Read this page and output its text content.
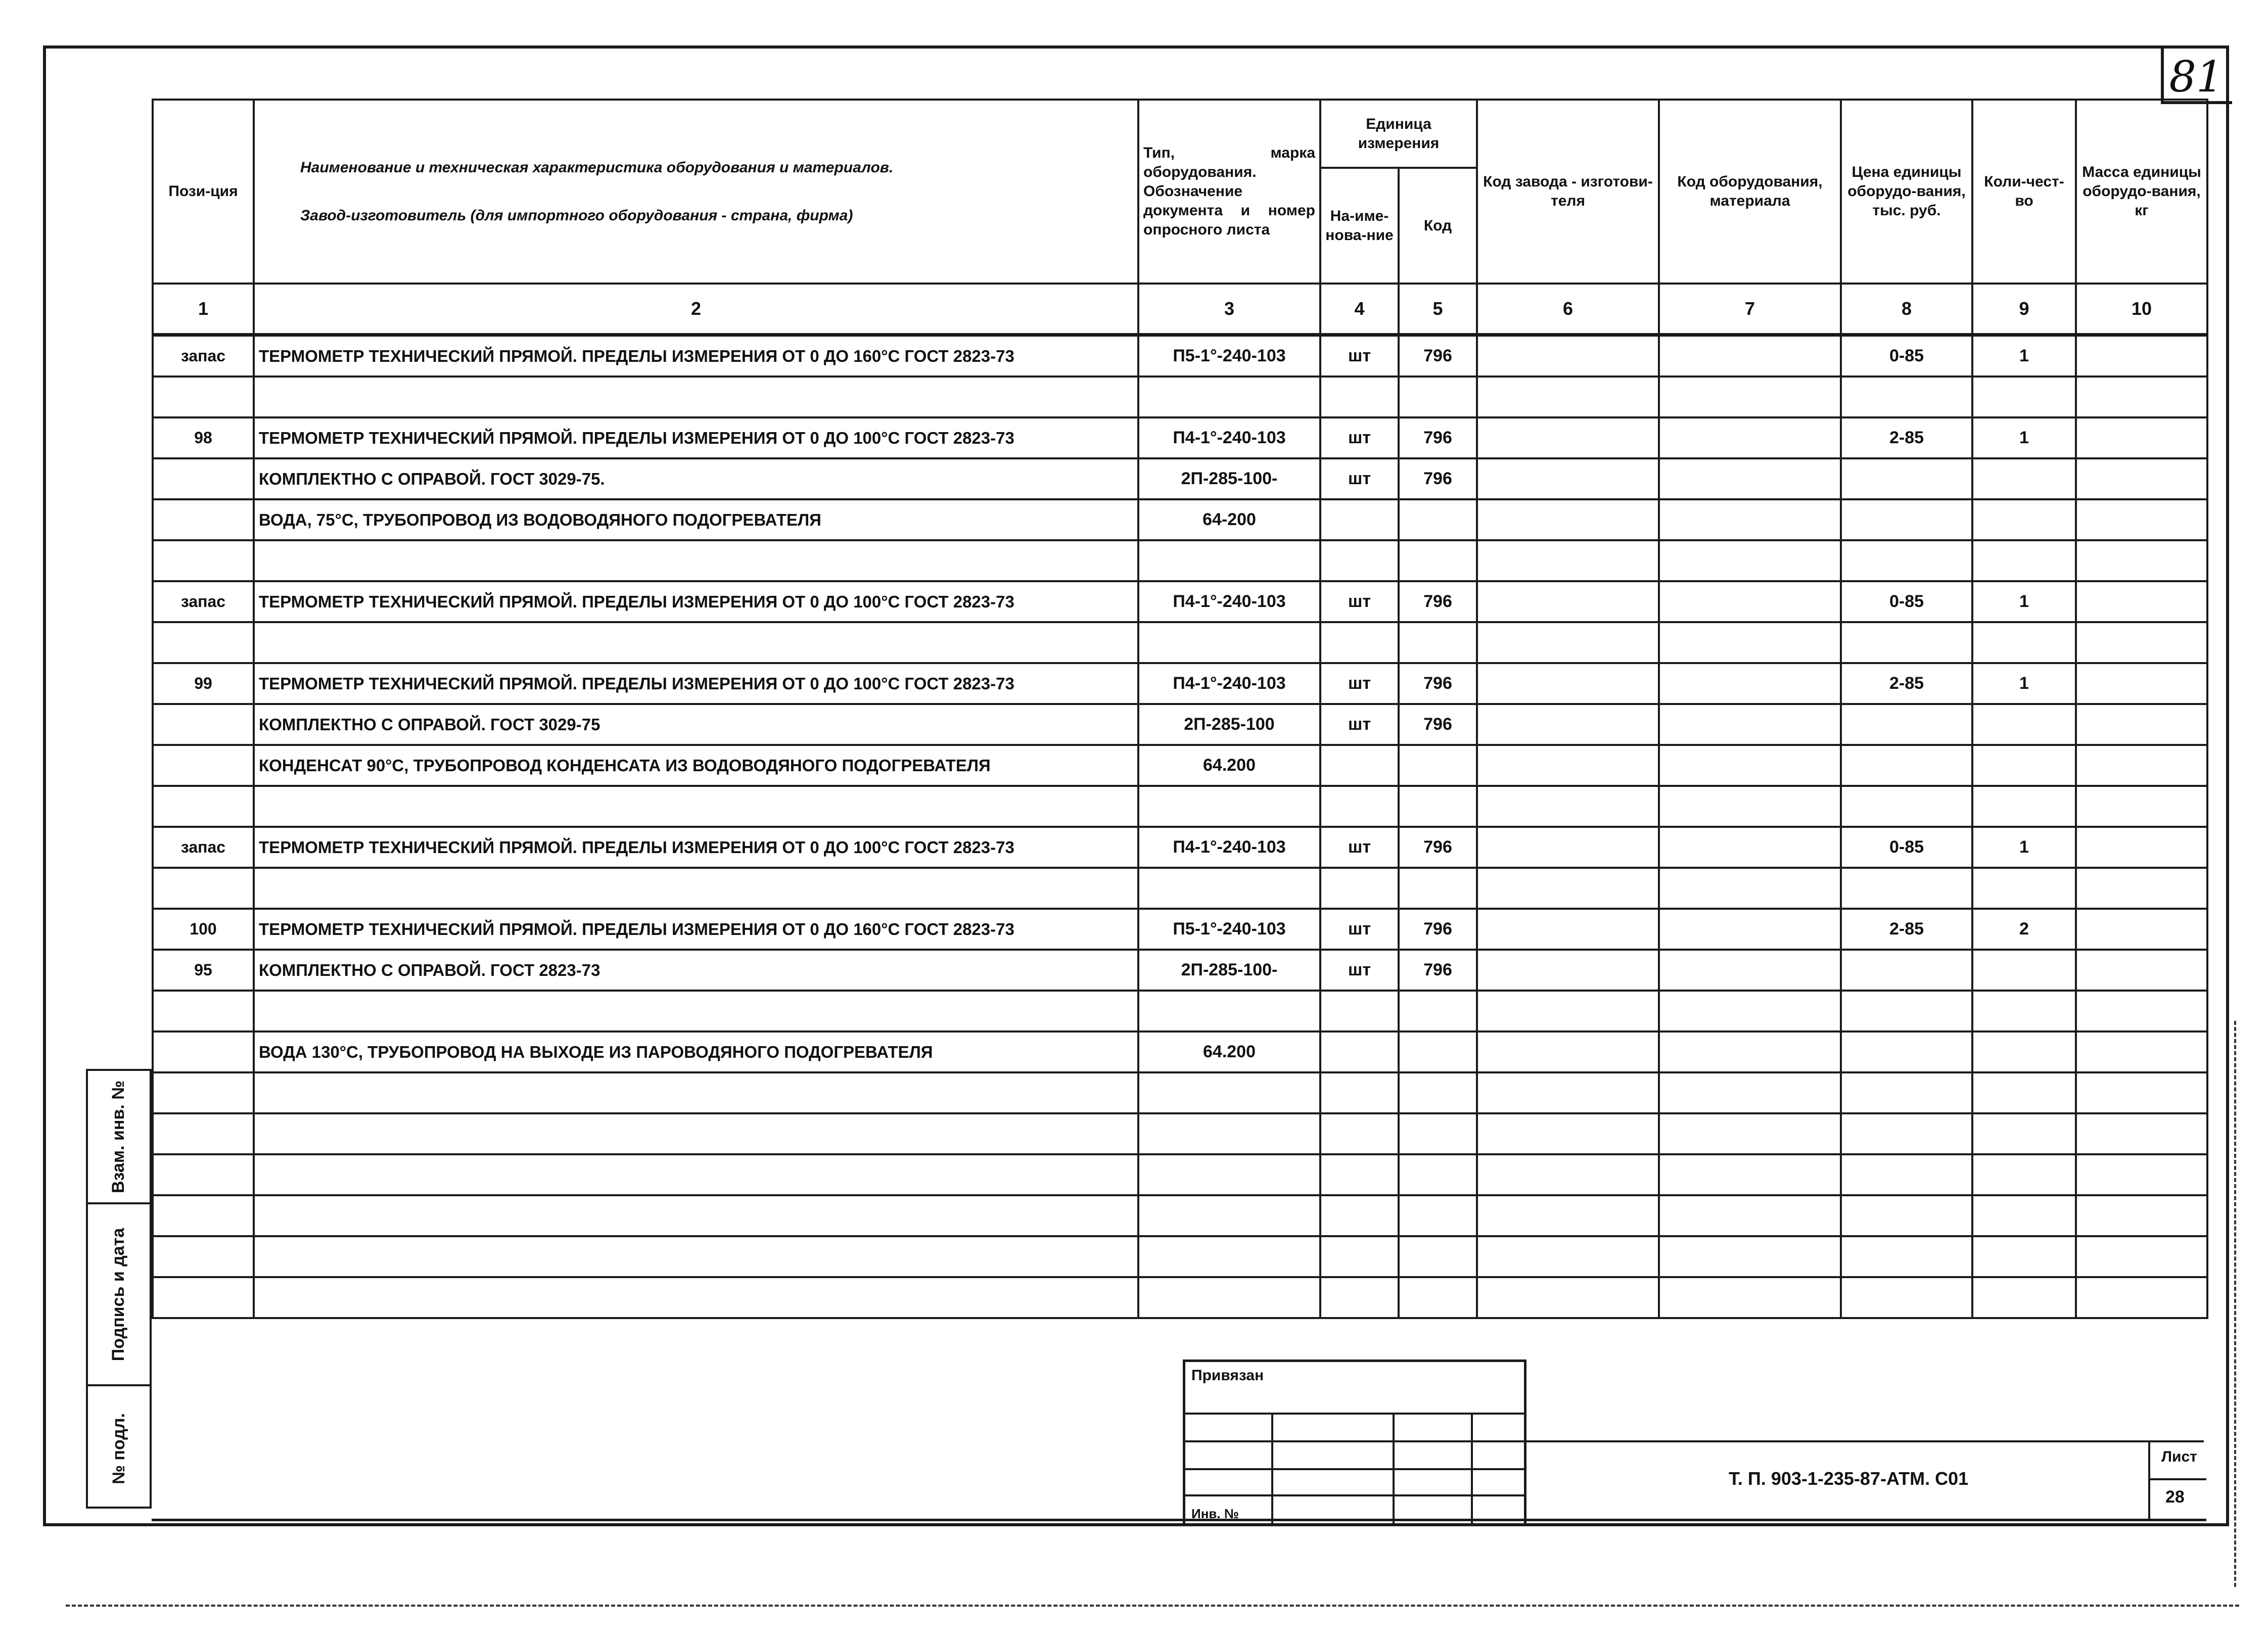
81
Пози-ция	Наименование и техническая характеристика оборудования и материалов.
Завод-изготовитель (для импортного оборудования - страна, фирма)	Тип, марка оборудования. Обозначение документа и номер опросного листа	Единица измерения		Код завода - изготови-теля	Код оборудования, материала	Цена единицы оборудо-вания, тыс. руб.	Коли-чест-во	Масса единицы оборудо-вания, кг
			На-име-нова-ние	Код					
1	2	3	4	5	6	7	8	9	10
запас	ТЕРМОМЕТР ТЕХНИЧЕСКИЙ ПРЯМОЙ. ПРЕДЕЛЫ ИЗМЕРЕНИЯ ОТ 0 ДО 160°С ГОСТ 2823-73	П5-1°-240-103	шт	796			0-85	1	

98	ТЕРМОМЕТР ТЕХНИЧЕСКИЙ ПРЯМОЙ. ПРЕДЕЛЫ ИЗМЕРЕНИЯ ОТ 0 ДО 100°С ГОСТ 2823-73	П4-1°-240-103	шт	796			2-85	1	
	КОМПЛЕКТНО С ОПРАВОЙ. ГОСТ 3029-75.	2П-285-100-	шт	796					
	ВОДА, 75°С, ТРУБОПРОВОД ИЗ ВОДОВОДЯНОГО ПОДОГРЕВАТЕЛЯ	64-200							

запас	ТЕРМОМЕТР ТЕХНИЧЕСКИЙ ПРЯМОЙ. ПРЕДЕЛЫ ИЗМЕРЕНИЯ ОТ 0 ДО 100°С ГОСТ 2823-73	П4-1°-240-103	шт	796			0-85	1	

99	ТЕРМОМЕТР ТЕХНИЧЕСКИЙ ПРЯМОЙ. ПРЕДЕЛЫ ИЗМЕРЕНИЯ ОТ 0 ДО 100°С ГОСТ 2823-73	П4-1°-240-103	шт	796			2-85	1	
	КОМПЛЕКТНО С ОПРАВОЙ. ГОСТ 3029-75	2П-285-100	шт	796					
	КОНДЕНСАТ 90°С, ТРУБОПРОВОД КОНДЕНСАТА ИЗ ВОДОВОДЯНОГО ПОДОГРЕВАТЕЛЯ	64.200							

запас	ТЕРМОМЕТР ТЕХНИЧЕСКИЙ ПРЯМОЙ. ПРЕДЕЛЫ ИЗМЕРЕНИЯ ОТ 0 ДО 100°С ГОСТ 2823-73	П4-1°-240-103	шт	796			0-85	1	

100	ТЕРМОМЕТР ТЕХНИЧЕСКИЙ ПРЯМОЙ. ПРЕДЕЛЫ ИЗМЕРЕНИЯ ОТ 0 ДО 160°С ГОСТ 2823-73	П5-1°-240-103	шт	796			2-85	2	
95	КОМПЛЕКТНО С ОПРАВОЙ. ГОСТ 2823-73	2П-285-100-	шт	796					

	ВОДА 130°С, ТРУБОПРОВОД НА ВЫХОДЕ ИЗ ПАРОВОДЯНОГО ПОДОГРЕВАТЕЛЯ	64.200							

Взам. инв. №
Подпись и дата
№ подл.
Привязан
Инв. №
Т. П. 903-1-235-87-АТМ. С01
Лист
28
